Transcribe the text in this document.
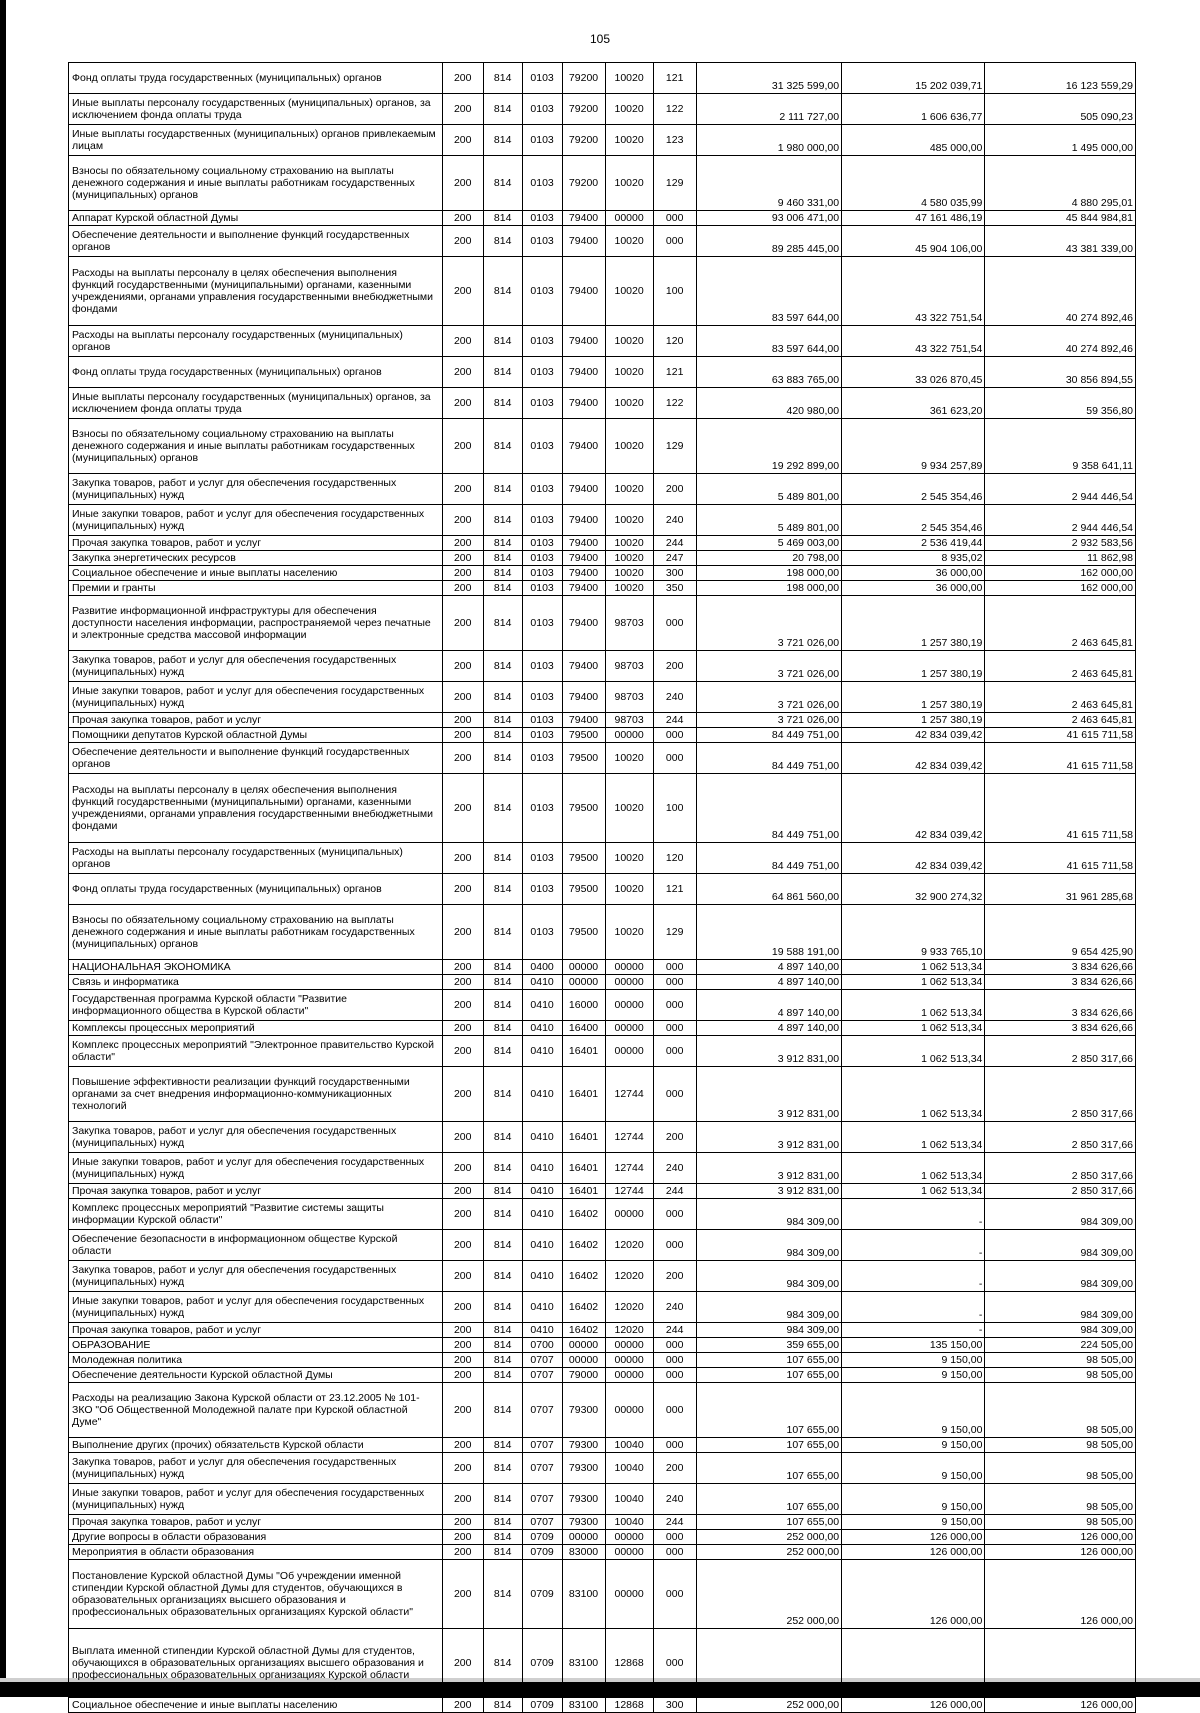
105
Фонд оплаты труда государственных (муниципальных) органов	200	814	0103	79200	10020	121	31 325 599,00	15 202 039,71	16 123 559,29
Иные выплаты персоналу государственных (муниципальных) органов, за исключением фонда оплаты труда	200	814	0103	79200	10020	122	2 111 727,00	1 606 636,77	505 090,23
Иные выплаты государственных (муниципальных) органов привлекаемым лицам	200	814	0103	79200	10020	123	1 980 000,00	485 000,00	1 495 000,00
Взносы по обязательному социальному страхованию на выплаты денежного содержания и иные выплаты работникам государственных (муниципальных) органов	200	814	0103	79200	10020	129	9 460 331,00	4 580 035,99	4 880 295,01
Аппарат Курской областной Думы	200	814	0103	79400	00000	000	93 006 471,00	47 161 486,19	45 844 984,81
Обеспечение деятельности и выполнение функций государственных органов	200	814	0103	79400	10020	000	89 285 445,00	45 904 106,00	43 381 339,00
Расходы на выплаты персоналу в целях обеспечения выполнения функций государственными (муниципальными) органами, казенными учреждениями, органами управления государственными внебюджетными фондами	200	814	0103	79400	10020	100	83 597 644,00	43 322 751,54	40 274 892,46
Расходы на выплаты персоналу государственных (муниципальных) органов	200	814	0103	79400	10020	120	83 597 644,00	43 322 751,54	40 274 892,46
Фонд оплаты труда государственных (муниципальных) органов	200	814	0103	79400	10020	121	63 883 765,00	33 026 870,45	30 856 894,55
Иные выплаты персоналу государственных (муниципальных) органов, за исключением фонда оплаты труда	200	814	0103	79400	10020	122	420 980,00	361 623,20	59 356,80
Взносы по обязательному социальному страхованию на выплаты денежного содержания и иные выплаты работникам государственных (муниципальных) органов	200	814	0103	79400	10020	129	19 292 899,00	9 934 257,89	9 358 641,11
Закупка товаров, работ и услуг для обеспечения государственных (муниципальных) нужд	200	814	0103	79400	10020	200	5 489 801,00	2 545 354,46	2 944 446,54
Иные закупки товаров, работ и услуг для обеспечения государственных (муниципальных) нужд	200	814	0103	79400	10020	240	5 489 801,00	2 545 354,46	2 944 446,54
Прочая закупка товаров, работ и услуг	200	814	0103	79400	10020	244	5 469 003,00	2 536 419,44	2 932 583,56
Закупка энергетических ресурсов	200	814	0103	79400	10020	247	20 798,00	8 935,02	11 862,98
Социальное обеспечение и иные выплаты населению	200	814	0103	79400	10020	300	198 000,00	36 000,00	162 000,00
Премии и гранты	200	814	0103	79400	10020	350	198 000,00	36 000,00	162 000,00
Развитие информационной инфраструктуры для обеспечения доступности населения информации, распространяемой через печатные и электронные средства массовой информации	200	814	0103	79400	98703	000	3 721 026,00	1 257 380,19	2 463 645,81
Закупка товаров, работ и услуг для обеспечения государственных (муниципальных) нужд	200	814	0103	79400	98703	200	3 721 026,00	1 257 380,19	2 463 645,81
Иные закупки товаров, работ и услуг для обеспечения государственных (муниципальных) нужд	200	814	0103	79400	98703	240	3 721 026,00	1 257 380,19	2 463 645,81
Прочая закупка товаров, работ и услуг	200	814	0103	79400	98703	244	3 721 026,00	1 257 380,19	2 463 645,81
Помощники депутатов Курской областной Думы	200	814	0103	79500	00000	000	84 449 751,00	42 834 039,42	41 615 711,58
Обеспечение деятельности и выполнение функций государственных органов	200	814	0103	79500	10020	000	84 449 751,00	42 834 039,42	41 615 711,58
Расходы на выплаты персоналу в целях обеспечения выполнения функций государственными (муниципальными) органами, казенными учреждениями, органами управления государственными внебюджетными фондами	200	814	0103	79500	10020	100	84 449 751,00	42 834 039,42	41 615 711,58
Расходы на выплаты персоналу государственных (муниципальных) органов	200	814	0103	79500	10020	120	84 449 751,00	42 834 039,42	41 615 711,58
Фонд оплаты труда государственных (муниципальных) органов	200	814	0103	79500	10020	121	64 861 560,00	32 900 274,32	31 961 285,68
Взносы по обязательному социальному страхованию на выплаты денежного содержания и иные выплаты работникам государственных (муниципальных) органов	200	814	0103	79500	10020	129	19 588 191,00	9 933 765,10	9 654 425,90
НАЦИОНАЛЬНАЯ ЭКОНОМИКА	200	814	0400	00000	00000	000	4 897 140,00	1 062 513,34	3 834 626,66
Связь и информатика	200	814	0410	00000	00000	000	4 897 140,00	1 062 513,34	3 834 626,66
Государственная программа Курской области "Развитие информационного общества в Курской области"	200	814	0410	16000	00000	000	4 897 140,00	1 062 513,34	3 834 626,66
Комплексы процессных мероприятий	200	814	0410	16400	00000	000	4 897 140,00	1 062 513,34	3 834 626,66
Комплекс процессных мероприятий "Электронное правительство Курской области"	200	814	0410	16401	00000	000	3 912 831,00	1 062 513,34	2 850 317,66
Повышение эффективности реализации функций государственными органами за счет внедрения информационно-коммуникационных технологий	200	814	0410	16401	12744	000	3 912 831,00	1 062 513,34	2 850 317,66
Закупка товаров, работ и услуг для обеспечения государственных (муниципальных) нужд	200	814	0410	16401	12744	200	3 912 831,00	1 062 513,34	2 850 317,66
Иные закупки товаров, работ и услуг для обеспечения государственных (муниципальных) нужд	200	814	0410	16401	12744	240	3 912 831,00	1 062 513,34	2 850 317,66
Прочая закупка товаров, работ и услуг	200	814	0410	16401	12744	244	3 912 831,00	1 062 513,34	2 850 317,66
Комплекс процессных мероприятий "Развитие системы защиты информации Курской области"	200	814	0410	16402	00000	000	984 309,00	-	984 309,00
Обеспечение безопасности в информационном обществе Курской области	200	814	0410	16402	12020	000	984 309,00	-	984 309,00
Закупка товаров, работ и услуг для обеспечения государственных (муниципальных) нужд	200	814	0410	16402	12020	200	984 309,00	-	984 309,00
Иные закупки товаров, работ и услуг для обеспечения государственных (муниципальных) нужд	200	814	0410	16402	12020	240	984 309,00	-	984 309,00
Прочая закупка товаров, работ и услуг	200	814	0410	16402	12020	244	984 309,00	-	984 309,00
ОБРАЗОВАНИЕ	200	814	0700	00000	00000	000	359 655,00	135 150,00	224 505,00
Молодежная политика	200	814	0707	00000	00000	000	107 655,00	9 150,00	98 505,00
Обеспечение деятельности Курской областной Думы	200	814	0707	79000	00000	000	107 655,00	9 150,00	98 505,00
Расходы на реализацию Закона Курской области от 23.12.2005 № 101-ЗКО "Об Общественной Молодежной палате при Курской областной Думе"	200	814	0707	79300	00000	000	107 655,00	9 150,00	98 505,00
Выполнение других (прочих) обязательств Курской области	200	814	0707	79300	10040	000	107 655,00	9 150,00	98 505,00
Закупка товаров, работ и услуг для обеспечения государственных (муниципальных) нужд	200	814	0707	79300	10040	200	107 655,00	9 150,00	98 505,00
Иные закупки товаров, работ и услуг для обеспечения государственных (муниципальных) нужд	200	814	0707	79300	10040	240	107 655,00	9 150,00	98 505,00
Прочая закупка товаров, работ и услуг	200	814	0707	79300	10040	244	107 655,00	9 150,00	98 505,00
Другие вопросы в области образования	200	814	0709	00000	00000	000	252 000,00	126 000,00	126 000,00
Мероприятия в области образования	200	814	0709	83000	00000	000	252 000,00	126 000,00	126 000,00
Постановление Курской областной Думы "Об учреждении именной стипендии Курской областной Думы для студентов, обучающихся в образовательных организациях высшего образования и профессиональных образовательных организациях Курской области"	200	814	0709	83100	00000	000	252 000,00	126 000,00	126 000,00
Выплата именной стипендии Курской областной Думы для студентов, обучающихся в образовательных организациях высшего образования и профессиональных образовательных организациях Курской области	200	814	0709	83100	12868	000	252 000,00	126 000,00	126 000,00
Социальное обеспечение и иные выплаты населению	200	814	0709	83100	12868	300	252 000,00	126 000,00	126 000,00
